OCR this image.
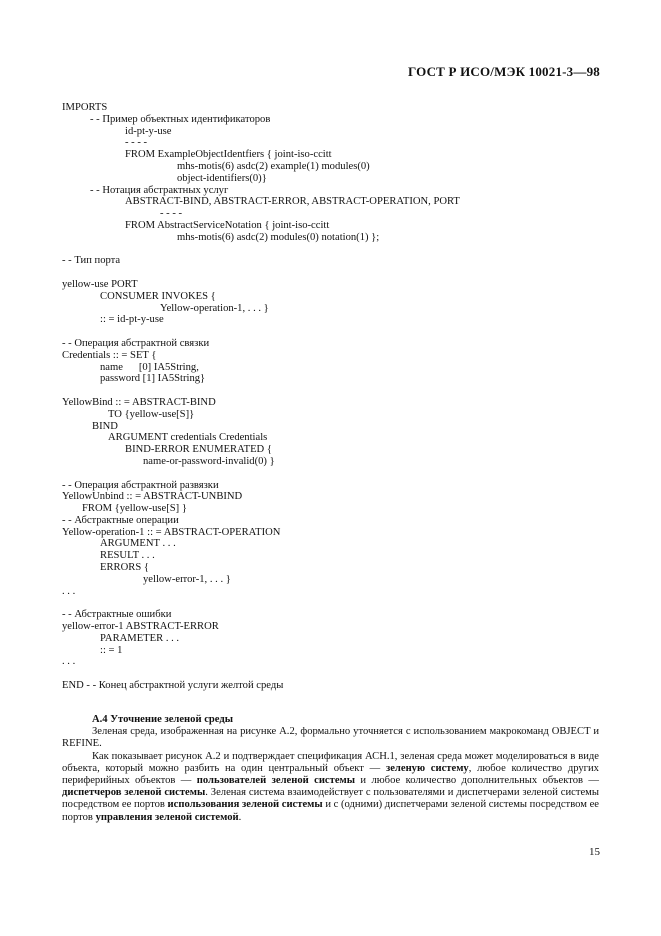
ГОСТ Р ИСО/МЭК 10021-3—98
IMPORTS
- - Пример объектных идентификаторов
id-pt-y-use
- - - -
FROM ExampleObjectIdentfiers { joint-iso-ccitt
mhs-motis(6) asdc(2) example(1) modules(0)
object-identifiers(0)}
- - Нотация абстрактных услуг
ABSTRACT-BIND, ABSTRACT-ERROR, ABSTRACT-OPERATION, PORT
- - - -
FROM AbstractServiceNotation { joint-iso-ccitt
mhs-motis(6) asdc(2) modules(0) notation(1) };
- - Тип порта
yellow-use PORT
CONSUMER INVOKES {
Yellow-operation-1, . . . }
:: = id-pt-y-use
- - Операция абстрактной связки
Credentials :: = SET {
name      [0] IA5String,
password [1] IA5String}
YellowBind :: = ABSTRACT-BIND
TO {yellow-use[S]}
BIND
ARGUMENT credentials Credentials
BIND-ERROR ENUMERATED {
name-or-password-invalid(0) }
- - Операция абстрактной развязки
YellowUnbind :: = ABSTRACT-UNBIND
FROM {yellow-use[S] }
- - Абстрактные операции
Yellow-operation-1 :: = ABSTRACT-OPERATION
ARGUMENT . . .
RESULT . . .
ERRORS {
yellow-error-1, . . . }
. . .
- - Абстрактные ошибки
yellow-error-1 ABSTRACT-ERROR
PARAMETER . . .
:: = 1
. . .
END - - Конец абстрактной услуги желтой среды
A.4 Уточнение зеленой среды
Зеленая среда, изображенная на рисунке А.2, формально уточняется с использованием макрокоманд OBJECT и REFINE.
Как показывает рисунок А.2 и подтверждает спецификация АСН.1, зеленая среда может моделироваться в виде объекта, который можно разбить на один центральный объект — зеленую систему, любое количество других периферийных объектов — пользователей зеленой системы и любое количество дополнительных объектов — диспетчеров зеленой системы. Зеленая система взаимодействует с пользователями и диспетчерами зеленой системы посредством ее портов использования зеленой системы и с (одними) диспетчерами зеленой системы посредством ее портов управления зеленой системой.
15
